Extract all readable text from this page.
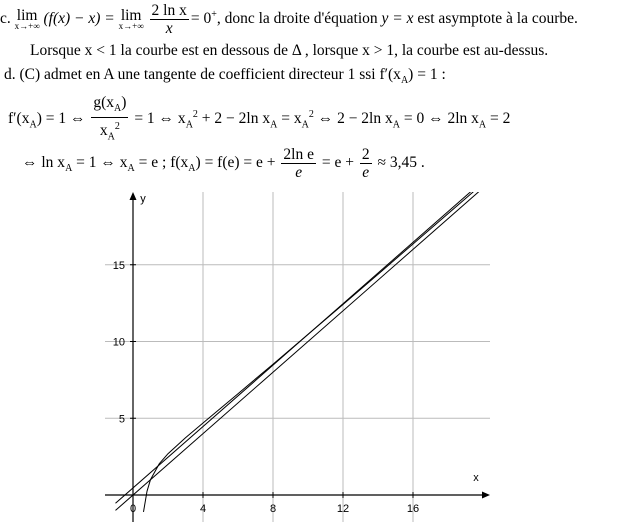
c. lim
x→+∞ (f(x) − x) = lim
x→+∞
$\frac{\text{2 ln x}}{x} = 0^+$, donc la droite d'équation y = x est asymptote à la courbe.
Lorsque x < 1 la courbe est en dessous de Δ , lorsque x > 1, la courbe est au-dessus.
d. (C) admet en A une tangente de coefficient directeur 1 ssi $f'(x_A) = 1$ :
$f'(x_A) = 1$ ⇔ $\frac{g(x_A)}{x_A^2} = 1$ ⇔ $x_A^2 + 2 - 2\ln$ $x_A = x_A^2$ ⇔ 2 − 2ln $x_A = 0$ ⇔ 2ln $x_A = 2$
⇔ $\ln x_A = 1$ ⇔ $x_A = e$ ; $f(x_A) = f(e) = e + \frac{\text{2ln e}}{e} = e + \frac{2}{e} \approx 3,45$ .
0	4	8	12	16
5
10
15
x
y
